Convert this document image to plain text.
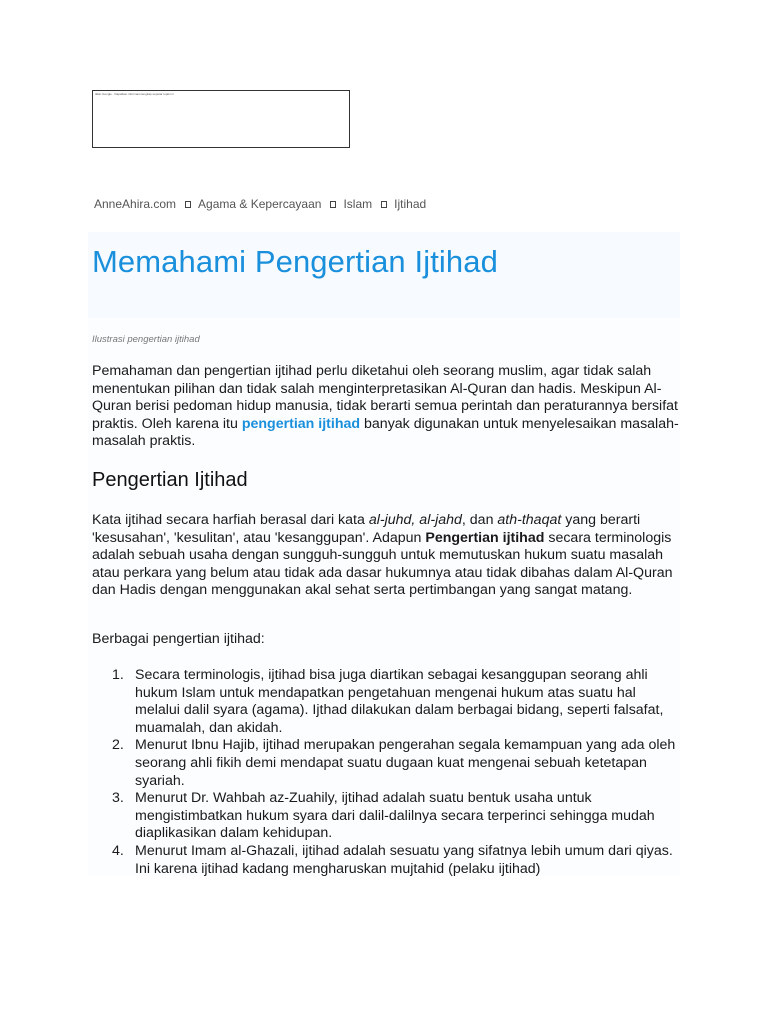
Iklan Google · Dapatkan informasi lengkap seputar topik ini
AnneAhira.com Agama & Kepercayaan Islam Ijtihad
Memahami Pengertian Ijtihad
Ilustrasi pengertian ijtihad

Pemahaman dan pengertian ijtihad perlu diketahui oleh seorang muslim, agar tidak salah menentukan pilihan dan tidak salah menginterpretasikan Al-Quran dan hadis. Meskipun Al-Quran berisi pedoman hidup manusia, tidak berarti semua perintah dan peraturannya bersifat praktis. Oleh karena itu pengertian ijtihad banyak digunakan untuk menyelesaikan masalah-masalah praktis.

Pengertian Ijtihad

Kata ijtihad secara harfiah berasal dari kata al-juhd, al-jahd, dan ath-thaqat yang berarti 'kesusahan', 'kesulitan', atau 'kesanggupan'. Adapun Pengertian ijtihad secara terminologis adalah sebuah usaha dengan sungguh-sungguh untuk memutuskan hukum suatu masalah atau perkara yang belum atau tidak ada dasar hukumnya atau tidak dibahas dalam Al-Quran dan Hadis dengan menggunakan akal sehat serta pertimbangan yang sangat matang.

Berbagai pengertian ijtihad:

1. Secara terminologis, ijtihad bisa juga diartikan sebagai kesanggupan seorang ahli hukum Islam untuk mendapatkan pengetahuan mengenai hukum atas suatu hal melalui dalil syara (agama). Ijthad dilakukan dalam berbagai bidang, seperti falsafat, muamalah, dan akidah.
2. Menurut Ibnu Hajib, ijtihad merupakan pengerahan segala kemampuan yang ada oleh seorang ahli fikih demi mendapat suatu dugaan kuat mengenai sebuah ketetapan syariah.
3. Menurut Dr. Wahbah az-Zuahily, ijtihad adalah suatu bentuk usaha untuk mengistimbatkan hukum syara dari dalil-dalilnya secara terperinci sehingga mudah diaplikasikan dalam kehidupan.
4. Menurut Imam al-Ghazali, ijtihad adalah sesuatu yang sifatnya lebih umum dari qiyas. Ini karena ijtihad kadang mengharuskan mujtahid (pelaku ijtihad)
